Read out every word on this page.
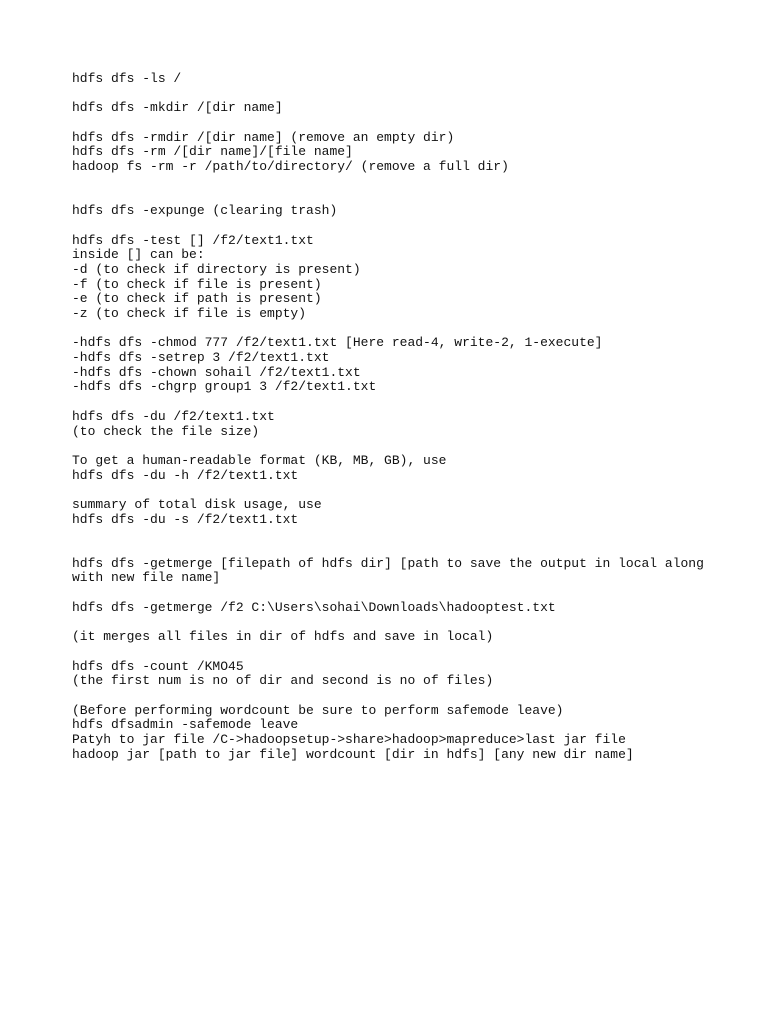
hdfs dfs -ls /
hdfs dfs -mkdir /[dir name]
hdfs dfs -rmdir /[dir name] (remove an empty dir)
hdfs dfs -rm /[dir name]/[file name]
hadoop fs -rm -r /path/to/directory/ (remove a full dir)
hdfs dfs -expunge (clearing trash)
hdfs dfs -test [] /f2/text1.txt
inside [] can be:
-d (to check if directory is present)
-f (to check if file is present)
-e (to check if path is present)
-z (to check if file is empty)
-hdfs dfs -chmod 777 /f2/text1.txt [Here read-4, write-2, 1-execute]
-hdfs dfs -setrep 3 /f2/text1.txt
-hdfs dfs -chown sohail /f2/text1.txt
-hdfs dfs -chgrp group1 3 /f2/text1.txt
hdfs dfs -du /f2/text1.txt
(to check the file size)
To get a human-readable format (KB, MB, GB), use
hdfs dfs -du -h /f2/text1.txt
summary of total disk usage, use
hdfs dfs -du -s /f2/text1.txt
hdfs dfs -getmerge [filepath of hdfs dir] [path to save the output in local along
with new file name]
hdfs dfs -getmerge /f2 C:\Users\sohai\Downloads\hadooptest.txt
(it merges all files in dir of hdfs and save in local)
hdfs dfs -count /KMO45
(the first num is no of dir and second is no of files)
(Before performing wordcount be sure to perform safemode leave)
hdfs dfsadmin -safemode leave
Patyh to jar file /C->hadoopsetup->share>hadoop>mapreduce>last jar file
hadoop jar [path to jar file] wordcount [dir in hdfs] [any new dir name]
